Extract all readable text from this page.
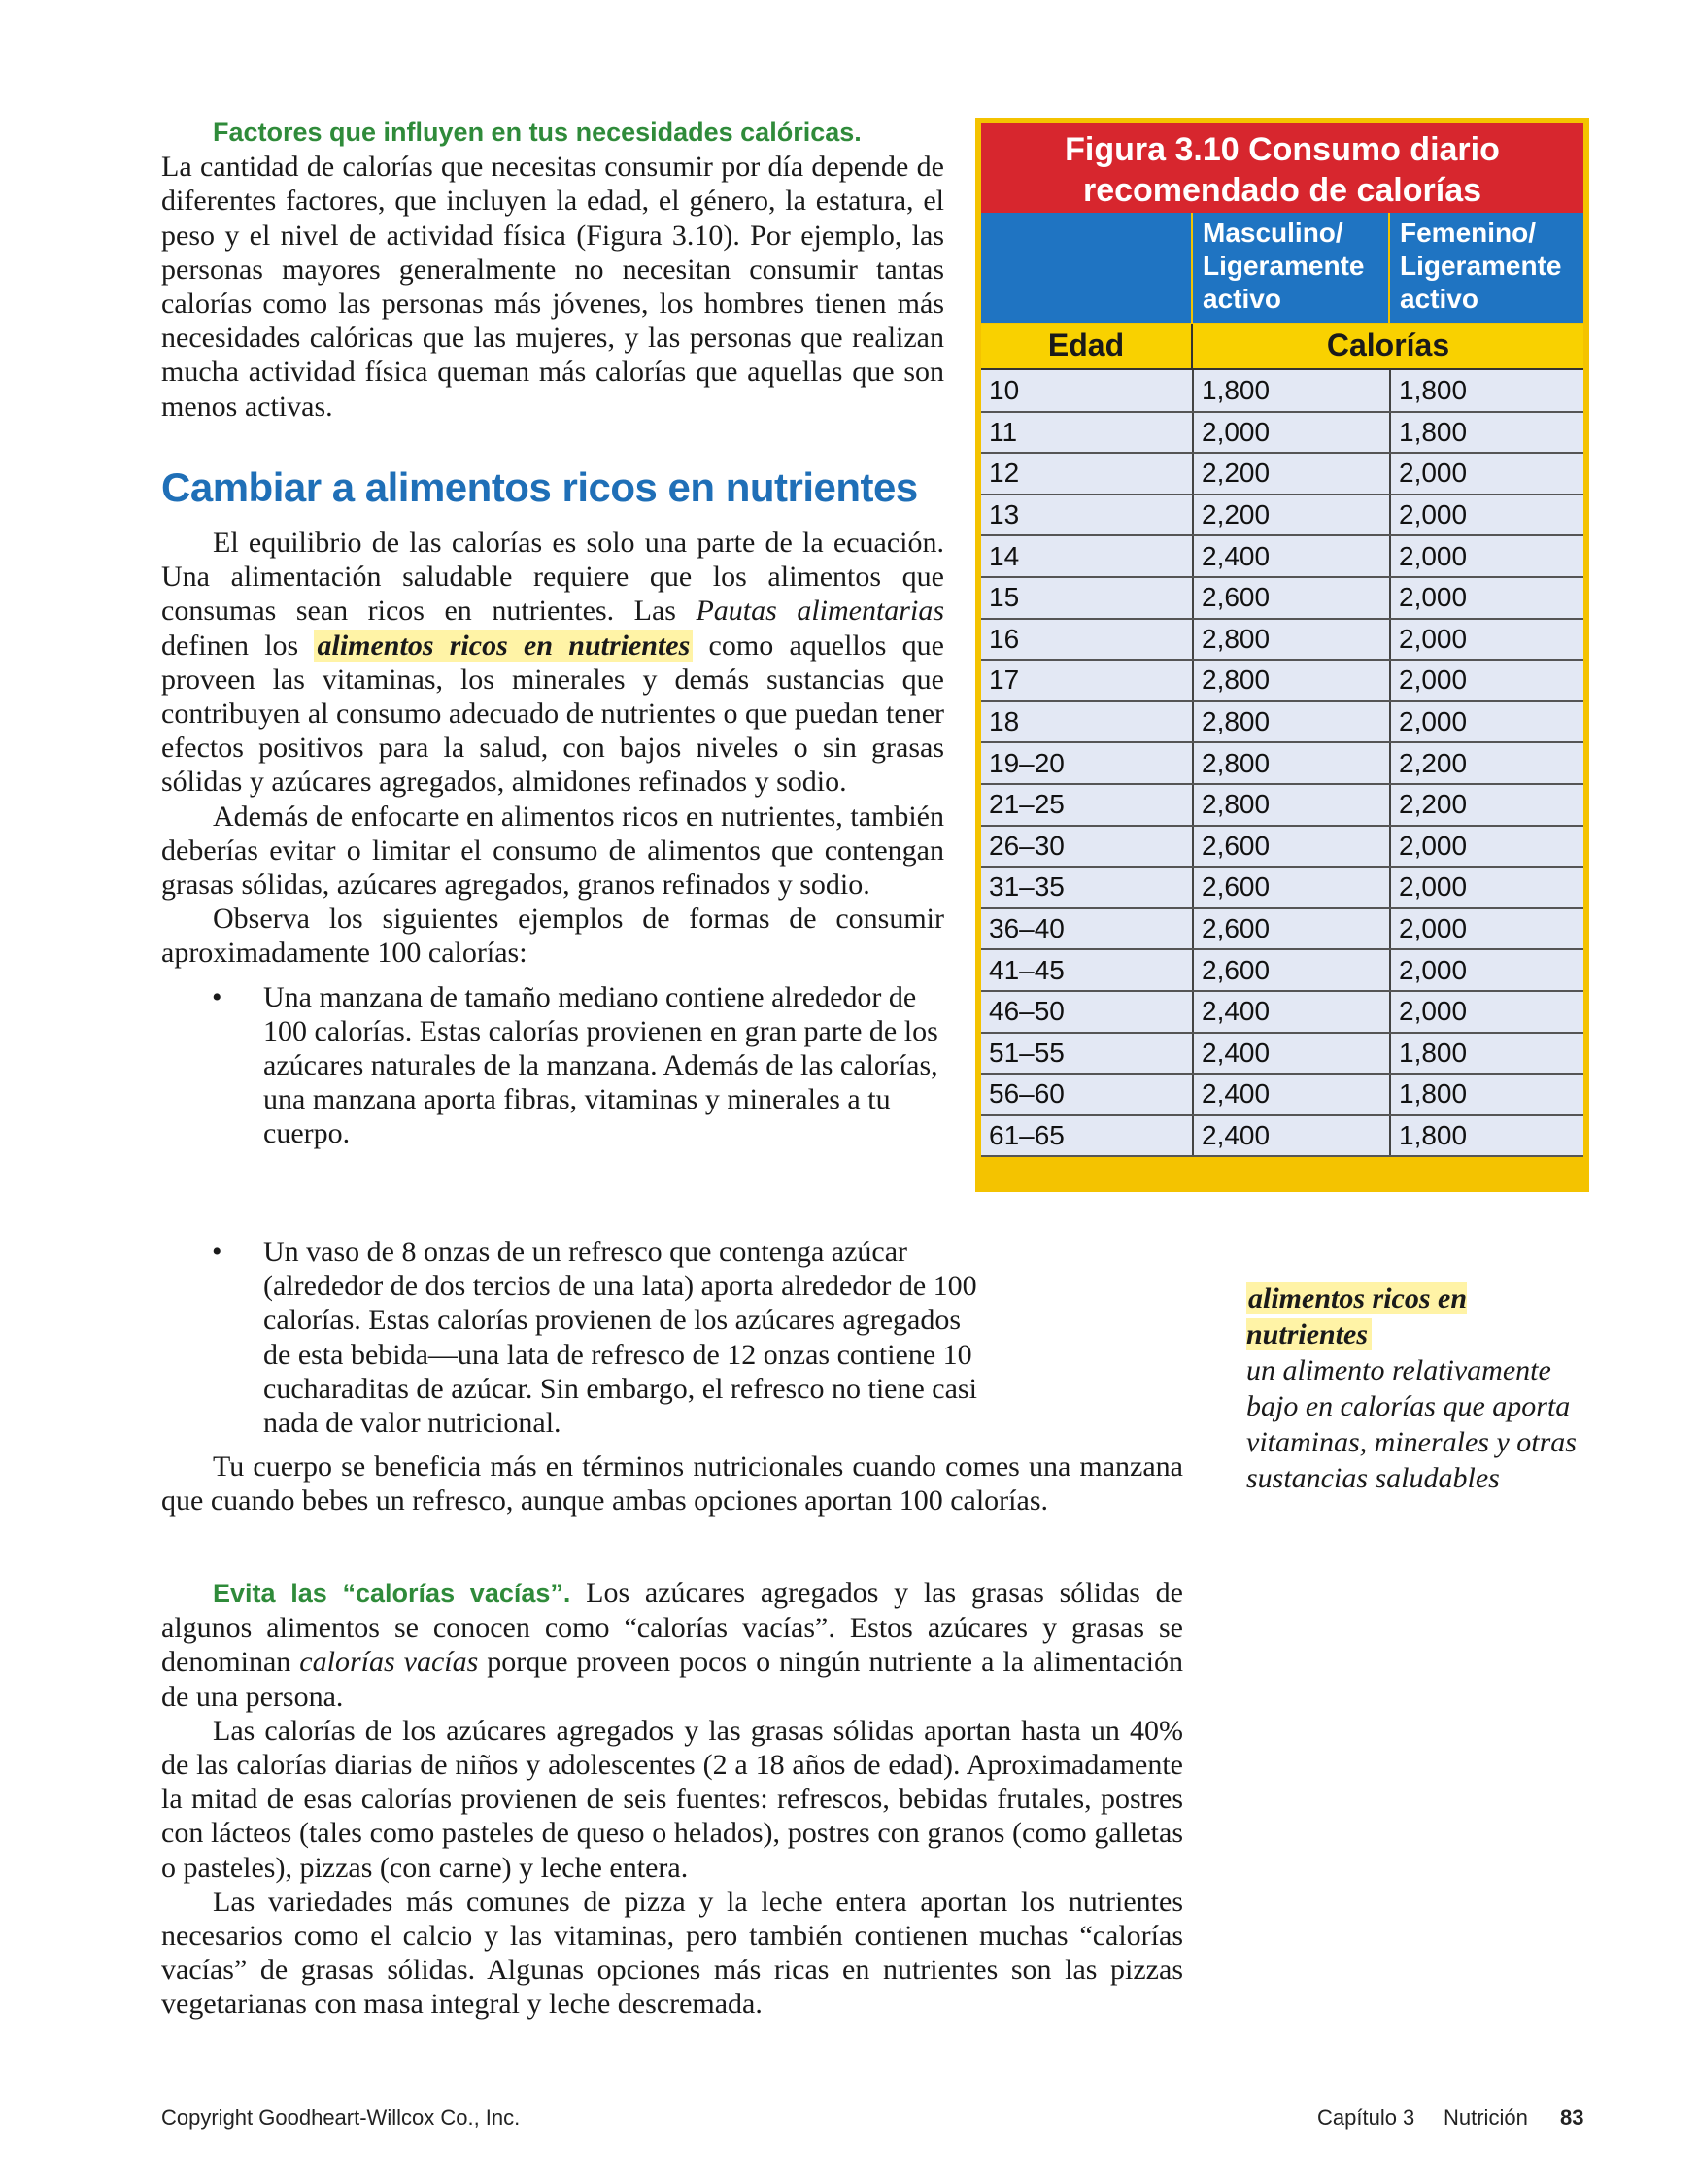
Factores que influyen en tus necesidades calóricas.
La cantidad de calorías que necesitas consumir por día depende de diferentes factores, que incluyen la edad, el género, la estatura, el peso y el nivel de actividad física (Figura 3.10). Por ejemplo, las personas mayores generalmente no necesitan consumir tantas calorías como las personas más jóvenes, los hombres tienen más necesidades calóricas que las mujeres, y las personas que realizan mucha actividad física queman más calorías que aquellas que son menos activas.

Cambiar a alimentos ricos en nutrientes

El equilibrio de las calorías es solo una parte de la ecuación. Una alimentación saludable requiere que los alimentos que consumas sean ricos en nutrientes. Las Pautas alimentarias definen los alimentos ricos en nutrientes como aquellos que proveen las vitaminas, los minerales y demás sustancias que contribuyen al consumo adecuado de nutrientes o que puedan tener efectos positivos para la salud, con bajos niveles o sin grasas sólidas y azúcares agregados, almidones refinados y sodio.

Además de enfocarte en alimentos ricos en nutrientes, también deberías evitar o limitar el consumo de alimentos que contengan grasas sólidas, azúcares agregados, granos refinados y sodio.

Observa los siguientes ejemplos de formas de consumir aproximadamente 100 calorías:

• Una manzana de tamaño mediano contiene alrededor de 100 calorías. Estas calorías provienen en gran parte de los azúcares naturales de la manzana. Además de las calorías, una manzana aporta fibras, vitaminas y minerales a tu cuerpo.
• Un vaso de 8 onzas de un refresco que contenga azúcar (alrededor de dos tercios de una lata) aporta alrededor de 100 calorías. Estas calorías provienen de los azúcares agregados de esta bebida—una lata de refresco de 12 onzas contiene 10 cucharaditas de azúcar. Sin embargo, el refresco no tiene casi nada de valor nutricional.

Tu cuerpo se beneficia más en términos nutricionales cuando comes una manzana que cuando bebes un refresco, aunque ambas opciones aportan 100 calorías.

Evita las “calorías vacías”. Los azúcares agregados y las grasas sólidas de algunos alimentos se conocen como “calorías vacías”. Estos azúcares y grasas se denominan calorías vacías porque proveen pocos o ningún nutriente a la alimentación de una persona.

Las calorías de los azúcares agregados y las grasas sólidas aportan hasta un 40% de las calorías diarias de niños y adolescentes (2 a 18 años de edad). Aproximadamente la mitad de esas calorías provienen de seis fuentes: refrescos, bebidas frutales, postres con lácteos (tales como pasteles de queso o helados), postres con granos (como galletas o pasteles), pizzas (con carne) y leche entera.

Las variedades más comunes de pizza y la leche entera aportan los nutrientes necesarios como el calcio y las vitaminas, pero también contienen muchas “calorías vacías” de grasas sólidas. Algunas opciones más ricas en nutrientes son las pizzas vegetarianas con masa integral y leche descremada.

Figura 3.10 Consumo diario
recomendado de calorías
Masculino/ Ligeramente activo
Femenino/ Ligeramente activo
Edad	Calorías
10	1,800	1,800
11	2,000	1,800
12	2,200	2,000
13	2,200	2,000
14	2,400	2,000
15	2,600	2,000
16	2,800	2,000
17	2,800	2,000
18	2,800	2,000
19–20	2,800	2,200
21–25	2,800	2,200
26–30	2,600	2,000
31–35	2,600	2,000
36–40	2,600	2,000
41–45	2,600	2,000
46–50	2,400	2,000
51–55	2,400	1,800
56–60	2,400	1,800
61–65	2,400	1,800
alimentos ricos en nutrientes
un alimento relativamente bajo en calorías que aporta vitaminas, minerales y otras sustancias saludables
Copyright Goodheart-Willcox Co., Inc.	Capítulo 3 Nutrición 83
